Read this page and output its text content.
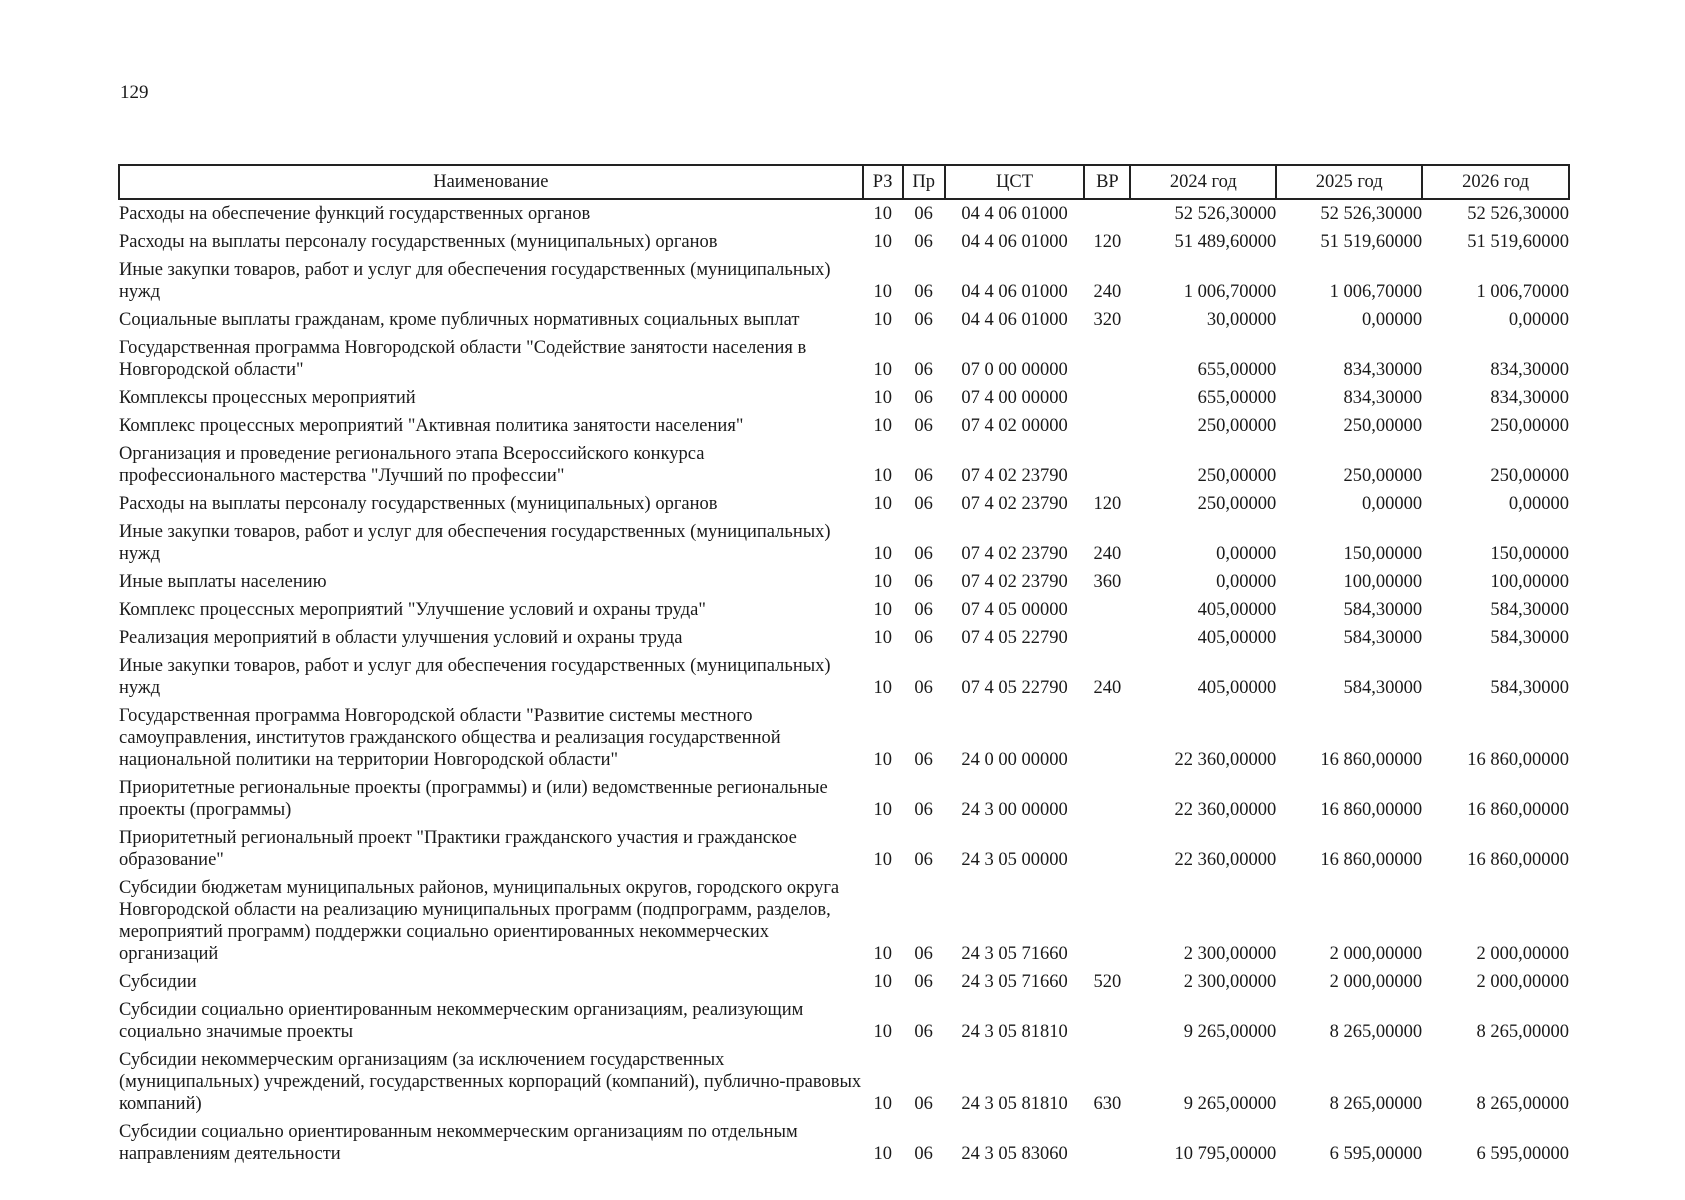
129
Наименование	РЗ	Пр	ЦСТ	ВР	2024 год	2025 год	2026 год
Расходы на обеспечение функций государственных органов	10	06	04 4 06 01000		52 526,30000	52 526,30000	52 526,30000
Расходы на выплаты персоналу государственных (муниципальных) органов	10	06	04 4 06 01000	120	51 489,60000	51 519,60000	51 519,60000
Иные закупки товаров, работ и услуг для обеспечения государственных (муниципальных) нужд	10	06	04 4 06 01000	240	1 006,70000	1 006,70000	1 006,70000
Социальные выплаты гражданам, кроме публичных нормативных социальных выплат	10	06	04 4 06 01000	320	30,00000	0,00000	0,00000
Государственная программа Новгородской области "Содействие занятости населения в Новгородской области"	10	06	07 0 00 00000		655,00000	834,30000	834,30000
Комплексы процессных мероприятий	10	06	07 4 00 00000		655,00000	834,30000	834,30000
Комплекс процессных мероприятий "Активная политика занятости населения"	10	06	07 4 02 00000		250,00000	250,00000	250,00000
Организация и проведение регионального этапа Всероссийского конкурса профессионального мастерства "Лучший по профессии"	10	06	07 4 02 23790		250,00000	250,00000	250,00000
Расходы на выплаты персоналу государственных (муниципальных) органов	10	06	07 4 02 23790	120	250,00000	0,00000	0,00000
Иные закупки товаров, работ и услуг для обеспечения государственных (муниципальных) нужд	10	06	07 4 02 23790	240	0,00000	150,00000	150,00000
Иные выплаты населению	10	06	07 4 02 23790	360	0,00000	100,00000	100,00000
Комплекс процессных мероприятий "Улучшение условий и охраны труда"	10	06	07 4 05 00000		405,00000	584,30000	584,30000
Реализация мероприятий в области улучшения условий и охраны труда	10	06	07 4 05 22790		405,00000	584,30000	584,30000
Иные закупки товаров, работ и услуг для обеспечения государственных (муниципальных) нужд	10	06	07 4 05 22790	240	405,00000	584,30000	584,30000
Государственная программа Новгородской области "Развитие системы местного самоуправления, институтов гражданского общества и реализация государственной национальной политики на территории Новгородской области"	10	06	24 0 00 00000		22 360,00000	16 860,00000	16 860,00000
Приоритетные региональные проекты (программы) и (или) ведомственные региональные проекты (программы)	10	06	24 3 00 00000		22 360,00000	16 860,00000	16 860,00000
Приоритетный региональный проект "Практики гражданского участия и гражданское образование"	10	06	24 3 05 00000		22 360,00000	16 860,00000	16 860,00000
Субсидии бюджетам муниципальных районов, муниципальных округов, городского округа Новгородской области на реализацию муниципальных программ (подпрограмм, разделов, мероприятий программ) поддержки социально ориентированных некоммерческих организаций	10	06	24 3 05 71660		2 300,00000	2 000,00000	2 000,00000
Субсидии	10	06	24 3 05 71660	520	2 300,00000	2 000,00000	2 000,00000
Субсидии социально ориентированным некоммерческим организациям, реализующим социально значимые проекты	10	06	24 3 05 81810		9 265,00000	8 265,00000	8 265,00000
Субсидии некоммерческим организациям (за исключением государственных (муниципальных) учреждений, государственных корпораций (компаний), публично-правовых компаний)	10	06	24 3 05 81810	630	9 265,00000	8 265,00000	8 265,00000
Субсидии социально ориентированным некоммерческим организациям по отдельным направлениям деятельности	10	06	24 3 05 83060		10 795,00000	6 595,00000	6 595,00000
